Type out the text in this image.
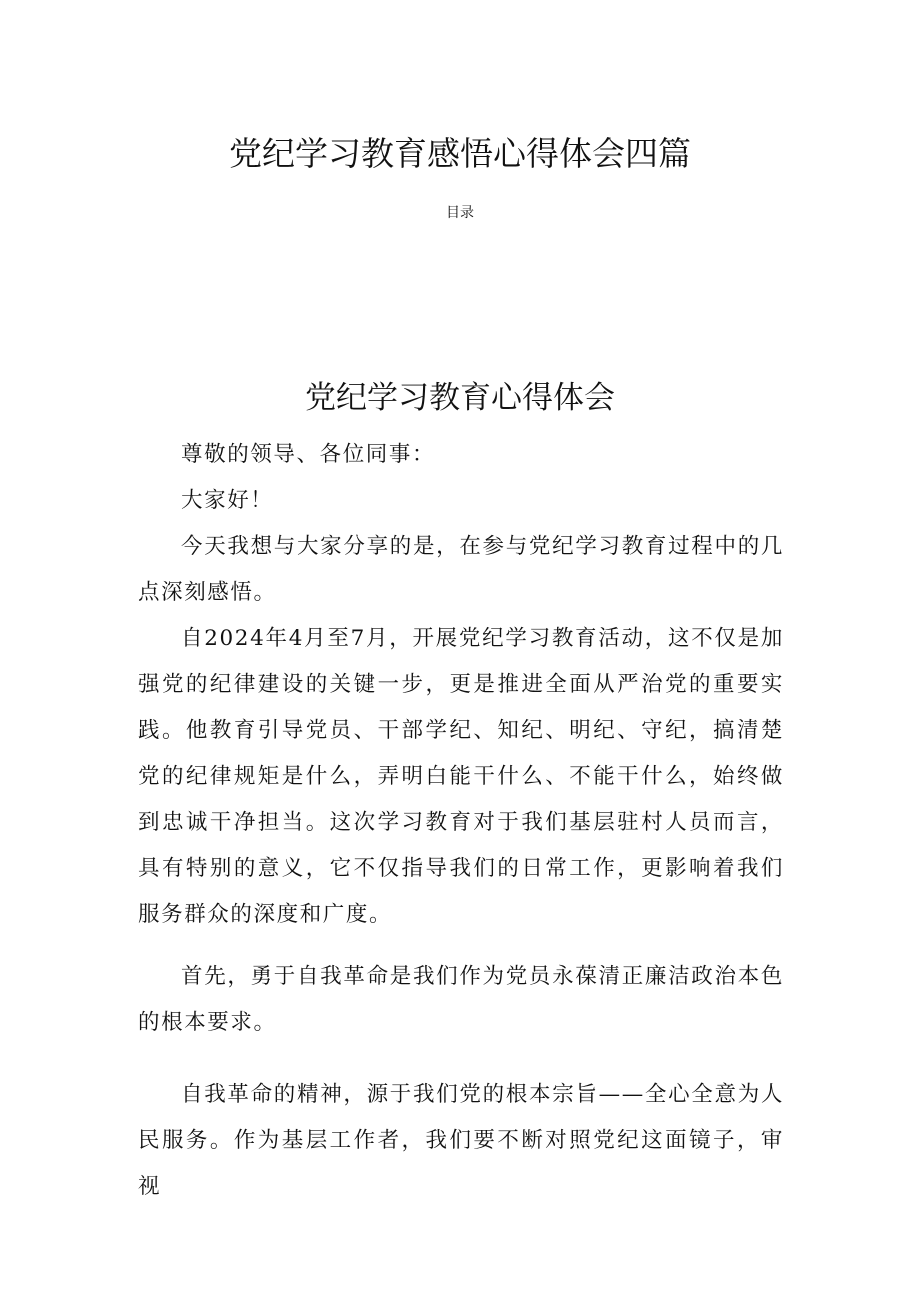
党纪学习教育感悟心得体会四篇
目录
党纪学习教育心得体会

尊敬的领导、各位同事：

大家好！

今天我想与大家分享的是，在参与党纪学习教育过程中的几点深刻感悟。

自2024年4月至7月，开展党纪学习教育活动，这不仅是加强党的纪律建设的关键一步，更是推进全面从严治党的重要实践。他教育引导党员、干部学纪、知纪、明纪、守纪，搞清楚党的纪律规矩是什么，弄明白能干什么、不能干什么，始终做到忠诚干净担当。这次学习教育对于我们基层驻村人员而言，具有特别的意义，它不仅指导我们的日常工作，更影响着我们服务群众的深度和广度。

首先，勇于自我革命是我们作为党员永葆清正廉洁政治本色的根本要求。

自我革命的精神，源于我们党的根本宗旨——全心全意为人民服务。作为基层工作者，我们要不断对照党纪这面镜子，审视
